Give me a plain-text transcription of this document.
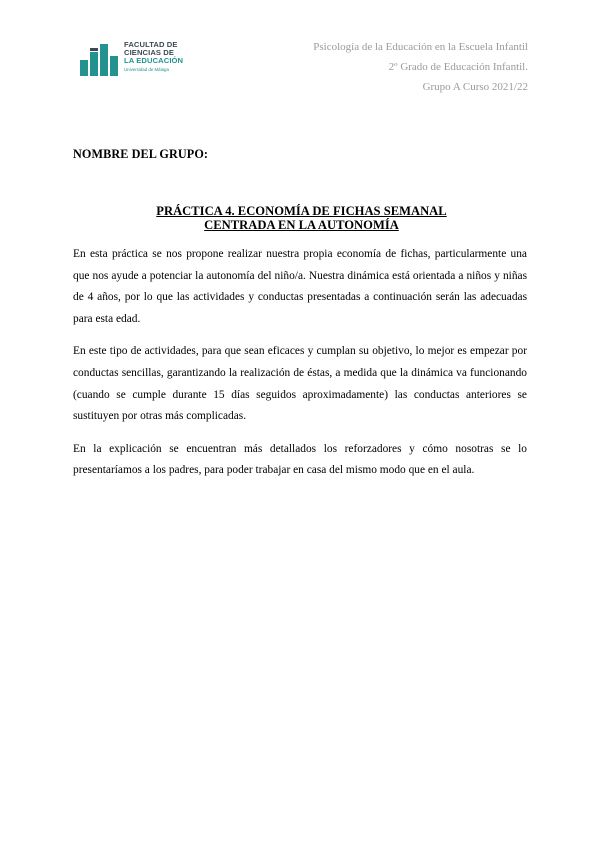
FACULTAD DE
CIENCIAS DE
LA EDUCACIÓN
Universidad de Málaga
Psicología de la Educación en la Escuela Infantil
2º Grado de Educación Infantil.
Grupo A Curso 2021/22
NOMBRE DEL GRUPO:
PRÁCTICA 4. ECONOMÍA DE FICHAS SEMANAL
CENTRADA EN LA AUTONOMÍA

En esta práctica se nos propone realizar nuestra propia economía de fichas, particularmente una que nos ayude a potenciar la autonomía del niño/a. Nuestra dinámica está orientada a niños y niñas de 4 años, por lo que las actividades y conductas presentadas a continuación serán las adecuadas para esta edad.

En este tipo de actividades, para que sean eficaces y cumplan su objetivo, lo mejor es empezar por conductas sencillas, garantizando la realización de éstas, a medida que la dinámica va funcionando (cuando se cumple durante 15 días seguidos aproximadamente) las conductas anteriores se sustituyen por otras más complicadas.

En la explicación se encuentran más detallados los reforzadores y cómo nosotras se lo presentaríamos a los padres, para poder trabajar en casa del mismo modo que en el aula.
